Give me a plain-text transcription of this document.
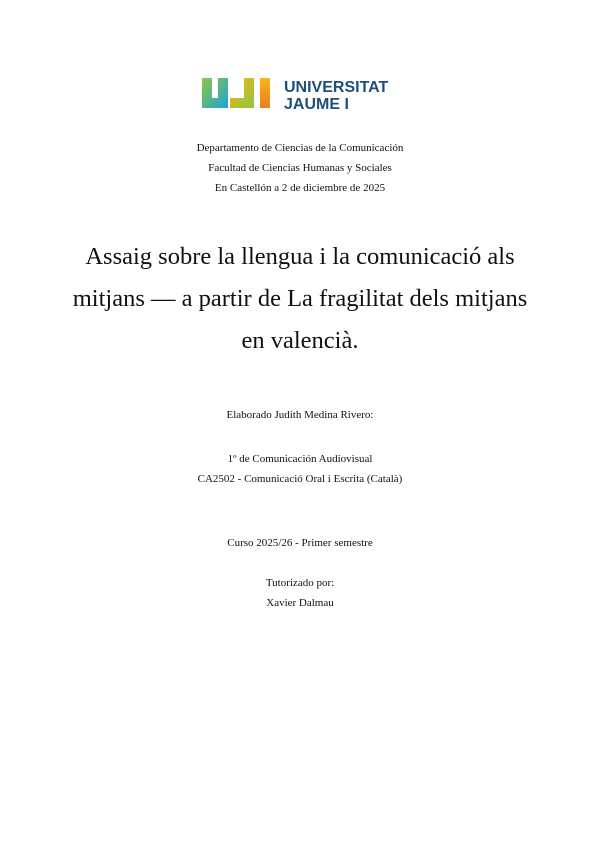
UNIVERSITAT
JAUME I
Departamento de Ciencias de la Comunicación
Facultad de Ciencias Humanas y Sociales
En Castellón a 2 de diciembre de 2025
Assaig sobre la llengua i la comunicació als mitjans — a partir de La fragilitat dels mitjans en valencià.
Elaborado Judith Medina Rivero:
1º de Comunicación Audiovisual
CA2502 - Comunicació Oral i Escrita (Català)
Curso 2025/26 - Primer semestre
Tutorizado por:
Xavier Dalmau
